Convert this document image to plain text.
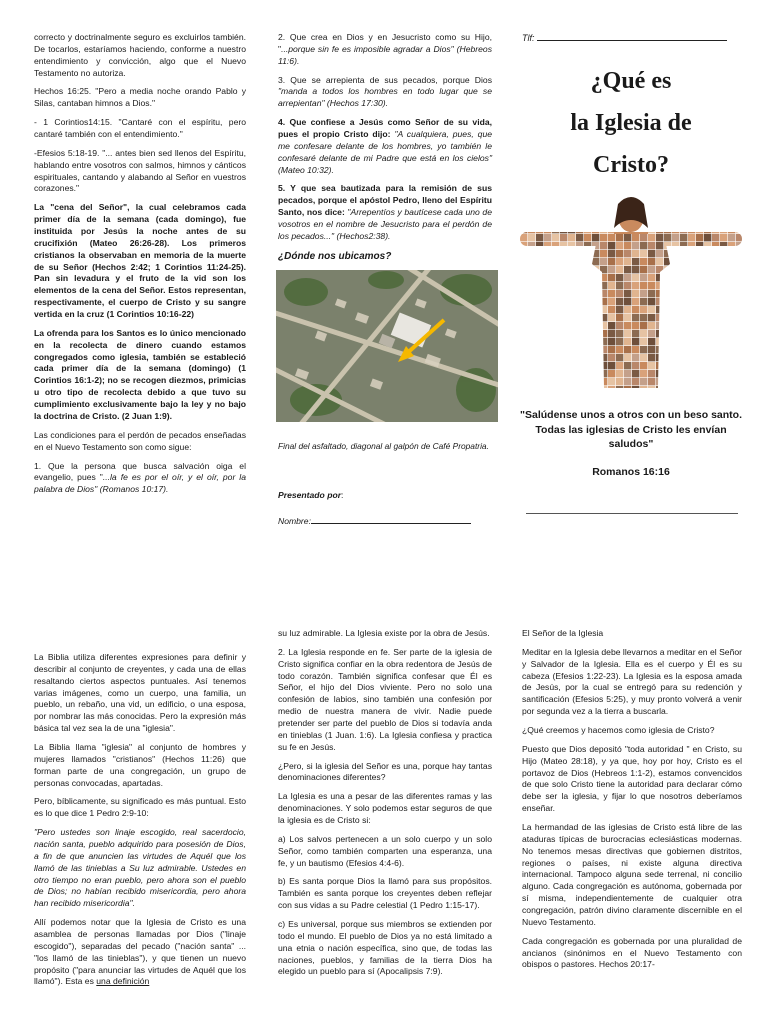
correcto y doctrinalmente seguro es excluirlos también. De tocarlos, estaríamos haciendo, conforme a nuestro entendimiento y convicción, algo que el Nuevo Testamento no autoriza.

Hechos 16:25. "Pero a media noche orando Pablo y Silas, cantaban himnos a Dios."

- 1 Corintios14:15. "Cantaré con el espíritu, pero cantaré también con el entendimiento."

-Efesios 5:18-19. "... antes bien sed llenos del Espíritu, hablando entre vosotros con salmos, himnos y cánticos espirituales, cantando y alabando al Señor en vuestros corazones."

La "cena del Señor", la cual celebramos cada primer día de la semana (cada domingo), fue instituida por Jesús la noche antes de su crucifixión (Mateo 26:26-28). Los primeros cristianos la observaban en memoria de la muerte de su Señor (Hechos 2:42; 1 Corintios 11:24-25). Pan sin levadura y el fruto de la vid son los elementos de la cena del Señor. Estos representan, respectivamente, el cuerpo de Cristo y su sangre vertida en la cruz (1 Corintios 10:16-22)

La ofrenda para los Santos es lo único mencionado en la recolecta de dinero cuando estamos congregados como iglesia, también se estableció cada primer día de la semana (domingo) (1 Corintios 16:1-2); no se recogen diezmos, primicias u otro tipo de recolecta debido a que tuvo su cumplimiento exclusivamente bajo la ley y no bajo la doctrina de Cristo. (2 Juan 1:9).

Las condiciones para el perdón de pecados enseñadas en el Nuevo Testamento son como sigue:

1. Que la persona que busca salvación oiga el evangelio, pues "...la fe es por el oír, y el oír, por la palabra de Dios" (Romanos 10:17).

2. Que crea en Dios y en Jesucristo como su Hijo, "...porque sin fe es imposible agradar a Dios" (Hebreos 11:6).

3. Que se arrepienta de sus pecados, porque Dios "manda a todos los hombres en todo lugar que se arrepientan" (Hechos 17:30).

4. Que confiese a Jesús como Señor de su vida, pues el propio Cristo dijo: "A cualquiera, pues, que me confesare delante de los hombres, yo también le confesaré delante de mi Padre que está en los cielos" (Mateo 10:32).

5. Y que sea bautizada para la remisión de sus pecados, porque el apóstol Pedro, lleno del Espíritu Santo, nos dice: "Arrepentíos y bautícese cada uno de vosotros en el nombre de Jesucristo para el perdón de los pecados..." (Hechos2:38).

¿Dónde nos ubicamos?
Final del asfaltado, diagonal al galpón de Café Propatria.
Presentado por:
Nombre:
Tlf:
¿Qué es
la Iglesia de
Cristo?
"Salúdense unos a otros con un beso santo. Todas las iglesias de Cristo les envían saludos"
Romanos 16:16

La Biblia utiliza diferentes expresiones para definir y describir al conjunto de creyentes, y cada una de ellas resaltando ciertos aspectos puntuales. Así tenemos varias imágenes, como un cuerpo, una familia, un pueblo, un rebaño, una vid, un edificio, o una esposa, por nombrar las más conocidas. Pero la expresión más básica tal vez sea la de una "iglesia".

La Biblia llama "iglesia" al conjunto de hombres y mujeres llamados "cristianos" (Hechos 11:26) que forman parte de una congregación, un grupo de personas convocadas, apartadas.

Pero, bíblicamente, su significado es más puntual. Esto es lo que dice 1 Pedro 2:9-10:

"Pero ustedes son linaje escogido, real sacerdocio, nación santa, pueblo adquirido para posesión de Dios, a fin de que anuncien las virtudes de Aquél que los llamó de las tinieblas a Su luz admirable. Ustedes en otro tiempo no eran pueblo, pero ahora son el pueblo de Dios; no habían recibido misericordia, pero ahora han recibido misericordia".

Allí podemos notar que la Iglesia de Cristo es una asamblea de personas llamadas por Dios ("linaje escogido"), separadas del pecado ("nación santa" ... "los llamó de las tinieblas"), y que tienen un nuevo propósito ("para anunciar las virtudes de Aquél que los llamó"). Esta es una definición

su luz admirable. La Iglesia existe por la obra de Jesús.

2. La Iglesia responde en fe. Ser parte de la iglesia de Cristo significa confiar en la obra redentora de Jesús de todo corazón. También significa confesar que Él es Señor, el hijo del Dios viviente. Pero no solo una confesión de labios, sino también una confesión por medio de nuestra manera de vivir. Nadie puede pretender ser parte del pueblo de Dios si todavía anda en tinieblas (1 Juan. 1:6). La Iglesia confiesa y practica su fe en Jesús.

¿Pero, si la iglesia del Señor es una, porque hay tantas denominaciones diferentes?

La Iglesia es una a pesar de las diferentes ramas y las denominaciones. Y solo podemos estar seguros de que la iglesia es de Cristo si:

a) Los salvos pertenecen a un solo cuerpo y un solo Señor, como también comparten una esperanza, una fe, y un bautismo (Efesios 4:4-6).

b) Es santa porque Dios la llamó para sus propósitos. También es santa porque los creyentes deben reflejar con sus vidas a su Padre celestial (1 Pedro 1:15-17).

c) Es universal, porque sus miembros se extienden por todo el mundo. El pueblo de Dios ya no está limitado a una etnia o nación específica, sino que, de todas las naciones, pueblos, y familias de la tierra Dios ha elegido un pueblo para sí (Apocalipsis 7:9).

El Señor de la Iglesia

Meditar en la Iglesia debe llevarnos a meditar en el Señor y Salvador de la Iglesia. Ella es el cuerpo y Él es su cabeza (Efesios 1:22-23). La Iglesia es la esposa amada de Jesús, por la cual se entregó para su redención y santificación (Efesios 5:25), y muy pronto volverá a venir por segunda vez a la tierra a buscarla.

¿Qué creemos y hacemos como iglesia de Cristo?

Puesto que Dios depositó "toda autoridad " en Cristo, su Hijo (Mateo 28:18), y ya que, hoy por hoy, Cristo es el portavoz de Dios (Hebreos 1:1-2), estamos convencidos de que solo Cristo tiene la autoridad para declarar cómo debe ser la iglesia, y fijar lo que nosotros deberíamos enseñar.

La hermandad de las iglesias de Cristo está libre de las ataduras típicas de burocracias eclesiásticas modernas. No tenemos mesas directivas que gobiernen distritos, regiones o países, ni existe alguna directiva internacional. Tampoco alguna sede terrenal, ni concilio alguno. Cada congregación es autónoma, gobernada por sí misma, independientemente de cualquier otra congregación, patrón divino claramente discernible en el Nuevo Testamento.

Cada congregación es gobernada por una pluralidad de ancianos (sinónimos en el Nuevo Testamento con obispos o pastores. Hechos 20:17-
